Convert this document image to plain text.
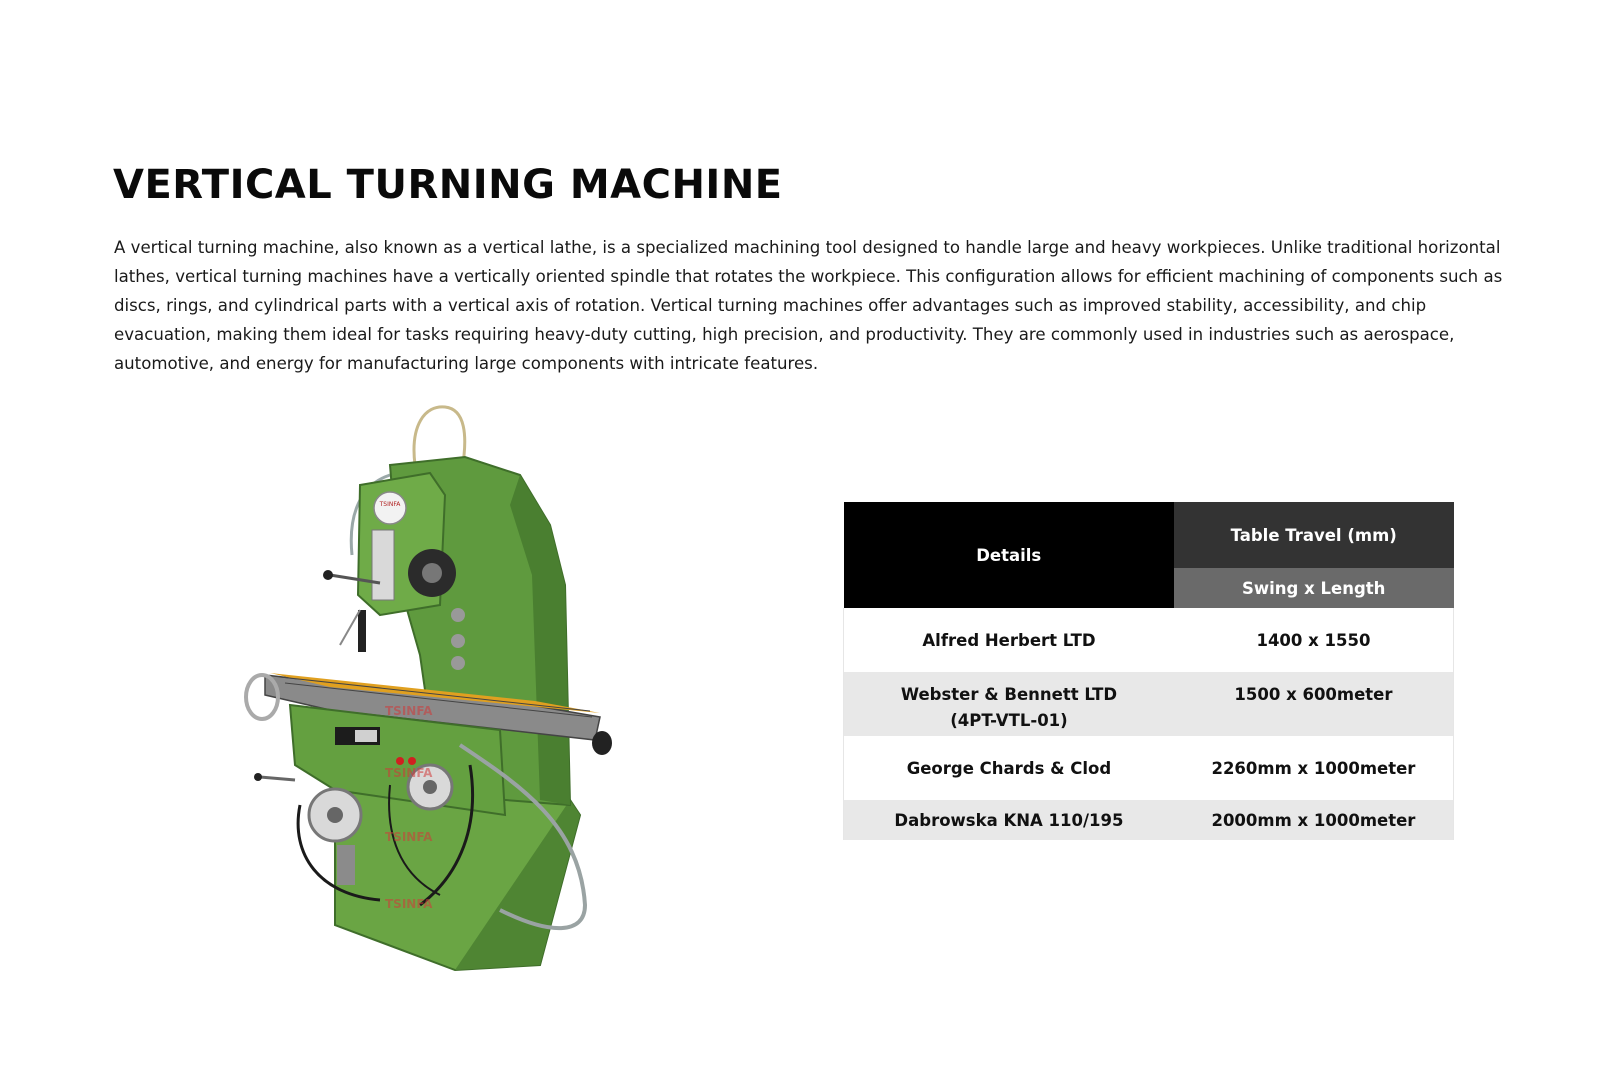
VERTICAL TURNING MACHINE

A vertical turning machine, also known as a vertical lathe, is a specialized machining tool designed to handle large and heavy workpieces. Unlike traditional horizontal lathes, vertical turning machines have a vertically oriented spindle that rotates the workpiece. This configuration allows for efficient machining of components such as discs, rings, and cylindrical parts with a vertical axis of rotation. Vertical turning machines offer advantages such as improved stability, accessibility, and chip evacuation, making them ideal for tasks requiring heavy-duty cutting, high precision, and productivity. They are commonly used in industries such as aerospace, automotive, and energy for manufacturing large components with intricate features.

TSINFA
TSINFA
TSINFA
TSINFA
TSINFA
Details	Table Travel (mm)
	Swing x Length
Alfred Herbert LTD	1400 x 1550
Webster & Bennett LTD
(4PT-VTL-01)	1500 x 600meter
George Chards & Clod	2260mm x 1000meter
Dabrowska KNA 110/195	2000mm x 1000meter
